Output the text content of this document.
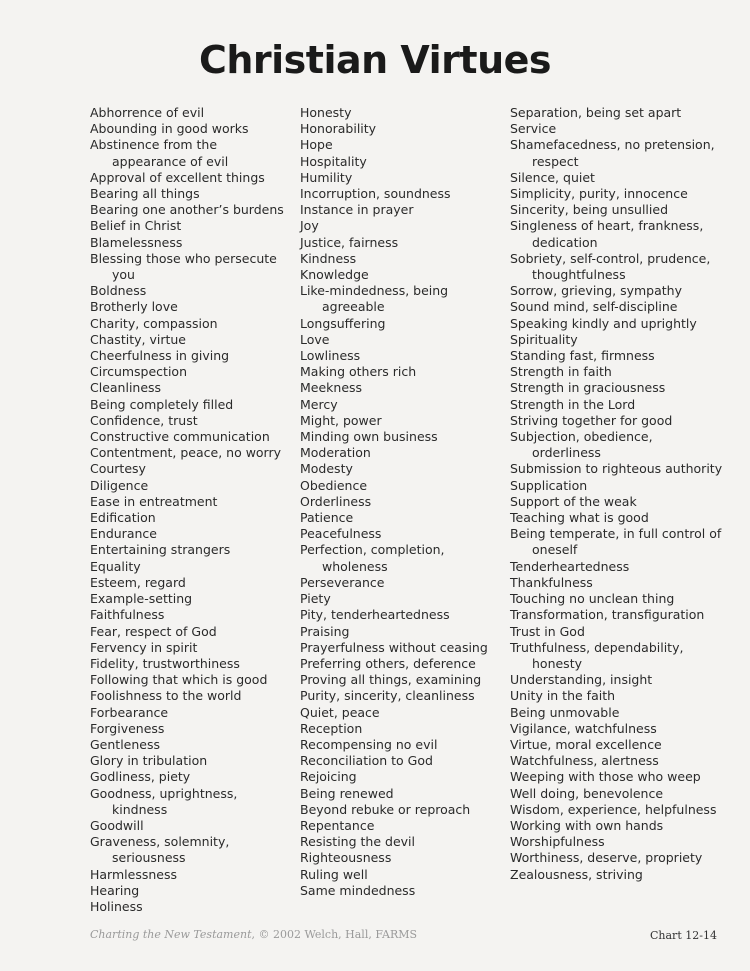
Christian Virtues
Abhorrence of evil
Abounding in good works
Abstinence from the appearance of evil
Approval of excellent things
Bearing all things
Bearing one another’s burdens
Belief in Christ
Blamelessness
Blessing those who persecute you
Boldness
Brotherly love
Charity, compassion
Chastity, virtue
Cheerfulness in giving
Circumspection
Cleanliness
Being completely filled
Confidence, trust
Constructive communication
Contentment, peace, no worry
Courtesy
Diligence
Ease in entreatment
Edification
Endurance
Entertaining strangers
Equality
Esteem, regard
Example-setting
Faithfulness
Fear, respect of God
Fervency in spirit
Fidelity, trustworthiness
Following that which is good
Foolishness to the world
Forbearance
Forgiveness
Gentleness
Glory in tribulation
Godliness, piety
Goodness, uprightness, kindness
Goodwill
Graveness, solemnity, seriousness
Harmlessness
Hearing
Holiness
Honesty
Honorability
Hope
Hospitality
Humility
Incorruption, soundness
Instance in prayer
Joy
Justice, fairness
Kindness
Knowledge
Like-mindedness, being agreeable
Longsuffering
Love
Lowliness
Making others rich
Meekness
Mercy
Might, power
Minding own business
Moderation
Modesty
Obedience
Orderliness
Patience
Peacefulness
Perfection, completion, wholeness
Perseverance
Piety
Pity, tenderheartedness
Praising
Prayerfulness without ceasing
Preferring others, deference
Proving all things, examining
Purity, sincerity, cleanliness
Quiet, peace
Reception
Recompensing no evil
Reconciliation to God
Rejoicing
Being renewed
Beyond rebuke or reproach
Repentance
Resisting the devil
Righteousness
Ruling well
Same mindedness
Separation, being set apart
Service
Shamefacedness, no pretension, respect
Silence, quiet
Simplicity, purity, innocence
Sincerity, being unsullied
Singleness of heart, frankness, dedication
Sobriety, self-control, prudence, thoughtfulness
Sorrow, grieving, sympathy
Sound mind, self-discipline
Speaking kindly and uprightly
Spirituality
Standing fast, firmness
Strength in faith
Strength in graciousness
Strength in the Lord
Striving together for good
Subjection, obedience, orderliness
Submission to righteous authority
Supplication
Support of the weak
Teaching what is good
Being temperate, in full control of oneself
Tenderheartedness
Thankfulness
Touching no unclean thing
Transformation, transfiguration
Trust in God
Truthfulness, dependability, honesty
Understanding, insight
Unity in the faith
Being unmovable
Vigilance, watchfulness
Virtue, moral excellence
Watchfulness, alertness
Weeping with those who weep
Well doing, benevolence
Wisdom, experience, helpfulness
Working with own hands
Worshipfulness
Worthiness, deserve, propriety
Zealousness, striving
Charting the New Testament, © 2002 Welch, Hall, FARMS	Chart 12-14
